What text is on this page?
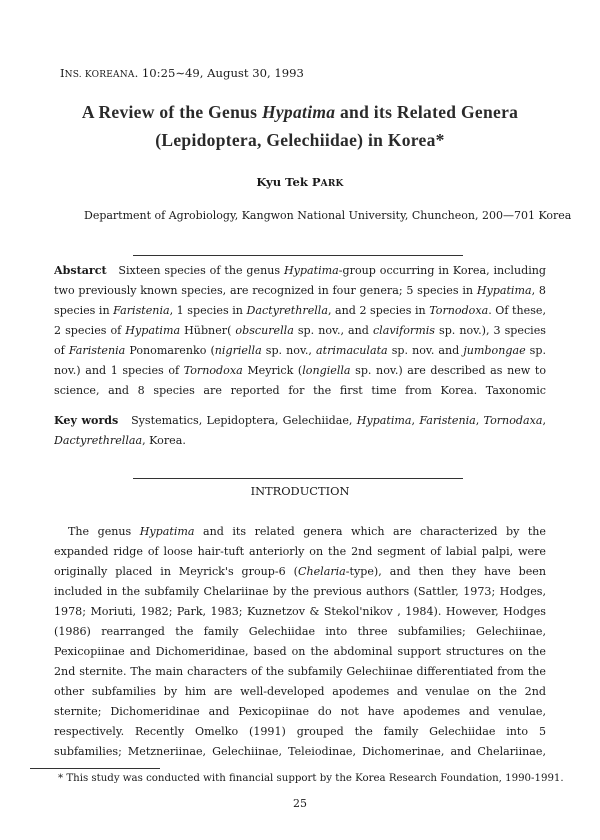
INS. KOREANA. 10:25∼49, August 30, 1993
A Review of the Genus Hypatima and its Related Genera
(Lepidoptera, Gelechiidae) in Korea*
Kyu Tek PARK
Department of Agrobiology, Kangwon National University, Chuncheon, 200—701 Korea
Abstarct Sixteen species of the genus Hypatima-group occurring in Korea, including two previously known species, are recognized in four genera; 5 species in Hypatima, 8 species in Faristenia, 1 species in Dactyrethrella, and 2 species in Tornodoxa. Of these, 2 species of Hypatima Hübner( obscurella sp. nov., and claviformis sp. nov.), 3 species of Faristenia Ponomarenko (nigriella sp. nov., atrimaculata sp. nov. and jumbongae sp. nov.) and 1 species of Tornodoxa Meyrick (longiella sp. nov.) are described as new to science, and 8 species are reported for the first time from Korea. Taxonomic
Key words Systematics, Lepidoptera, Gelechiidae, Hypatima, Faristenia, Tornodaxa, Dactyrethrellaa, Korea.
INTRODUCTION
The genus Hypatima and its related genera which are characterized by the expanded ridge of loose hair-tuft anteriorly on the 2nd segment of labial palpi, were originally placed in Meyrick's group-6 (Chelaria-type), and then they have been included in the subfamily Chelariinae by the previous authors (Sattler, 1973; Hodges, 1978; Moriuti, 1982; Park, 1983; Kuznetzov & Stekol'nikov , 1984). However, Hodges (1986) rearranged the family Gelechiidae into three subfamilies; Gelechiinae, Pexicopiinae and Dichomeridinae, based on the abdominal support structures on the 2nd sternite. The main characters of the subfamily Gelechiinae differentiated from the other subfamilies by him are well-developed apodemes and venulae on the 2nd sternite; Dichomeridinae and Pexicopiinae do not have apodemes and venulae, respectively. Recently Omelko (1991) grouped the family Gelechiidae into 5 subfamilies; Metzneriinae, Gelechiinae, Teleiodinae, Dichomerinae, and Chelariinae,
* This study was conducted with financial support by the Korea Research Foundation, 1990-1991.
25
